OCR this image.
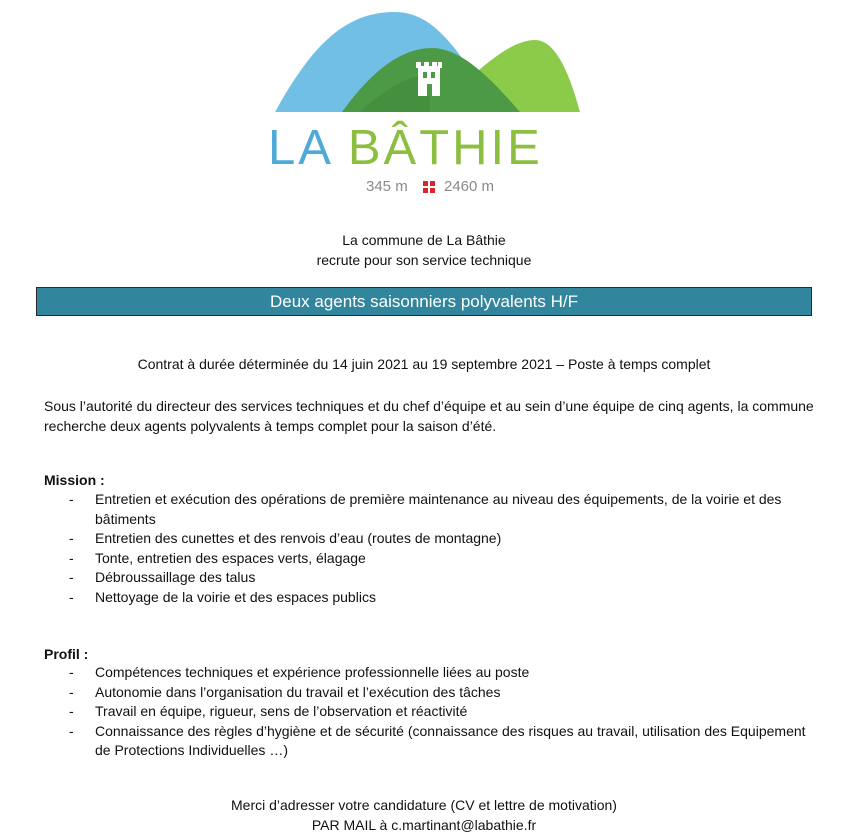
LA BÂTHIE
345 m 2460 m
La commune de La Bâthie
recrute pour son service technique
Deux agents saisonniers polyvalents H/F
Contrat à durée déterminée du 14 juin 2021 au 19 septembre 2021 – Poste à temps complet
Sous l’autorité du directeur des services techniques et du chef d’équipe et au sein d’une équipe de cinq agents, la commune recherche deux agents polyvalents à temps complet pour la saison d’été.
Mission :
- Entretien et exécution des opérations de première maintenance au niveau des équipements, de la voirie et des bâtiments
- Entretien des cunettes et des renvois d’eau (routes de montagne)
- Tonte, entretien des espaces verts, élagage
- Débroussaillage des talus
- Nettoyage de la voirie et des espaces publics
Profil :
- Compétences techniques et expérience professionnelle liées au poste
- Autonomie dans l’organisation du travail et l’exécution des tâches
- Travail en équipe, rigueur, sens de l’observation et réactivité
- Connaissance des règles d’hygiène et de sécurité (connaissance des risques au travail, utilisation des Equipement de Protections Individuelles …)
Merci d’adresser votre candidature (CV et lettre de motivation)
PAR MAIL à c.martinant@labathie.fr
